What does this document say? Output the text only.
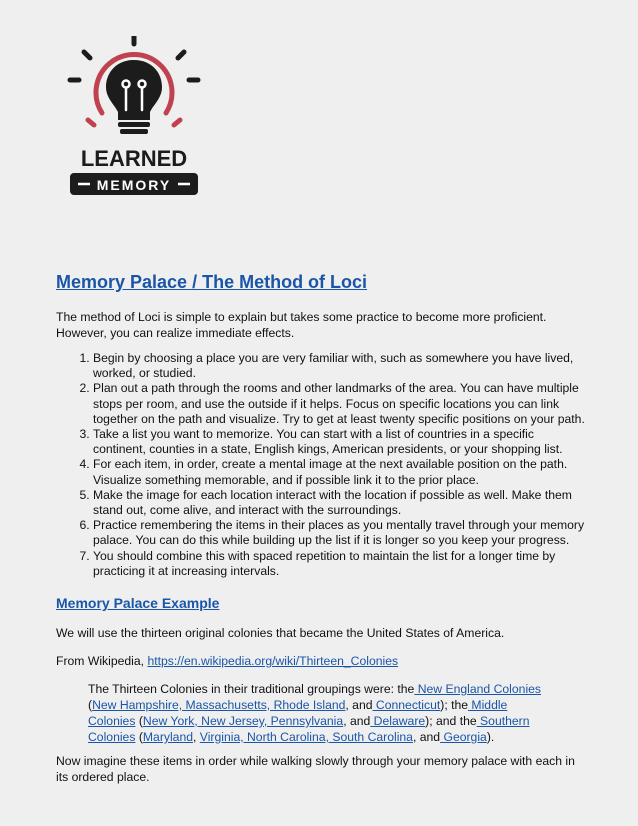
LEARNED
MEMORY
Memory Palace / The Method of Loci

The method of Loci is simple to explain but takes some practice to become more proficient. However, you can realize immediate effects.

1. Begin by choosing a place you are very familiar with, such as somewhere you have lived, worked, or studied.
2. Plan out a path through the rooms and other landmarks of the area. You can have multiple stops per room, and use the outside if it helps. Focus on specific locations you can link together on the path and visualize. Try to get at least twenty specific positions on your path.
3. Take a list you want to memorize. You can start with a list of countries in a specific continent, counties in a state, English kings, American presidents, or your shopping list.
4. For each item, in order, create a mental image at the next available position on the path. Visualize something memorable, and if possible link it to the prior place.
5. Make the image for each location interact with the location if possible as well. Make them stand out, come alive, and interact with the surroundings.
6. Practice remembering the items in their places as you mentally travel through your memory palace. You can do this while building up the list if it is longer so you keep your progress.
7. You should combine this with spaced repetition to maintain the list for a longer time by practicing it at increasing intervals.
Memory Palace Example

We will use the thirteen original colonies that became the United States of America.

From Wikipedia, https://en.wikipedia.org/wiki/Thirteen_Colonies

The Thirteen Colonies in their traditional groupings were: the New England Colonies (New Hampshire, Massachusetts, Rhode Island, and Connecticut); the Middle Colonies (New York, New Jersey, Pennsylvania, and Delaware); and the Southern Colonies (Maryland, Virginia, North Carolina, South Carolina, and Georgia).

Now imagine these items in order while walking slowly through your memory palace with each in its ordered place.
